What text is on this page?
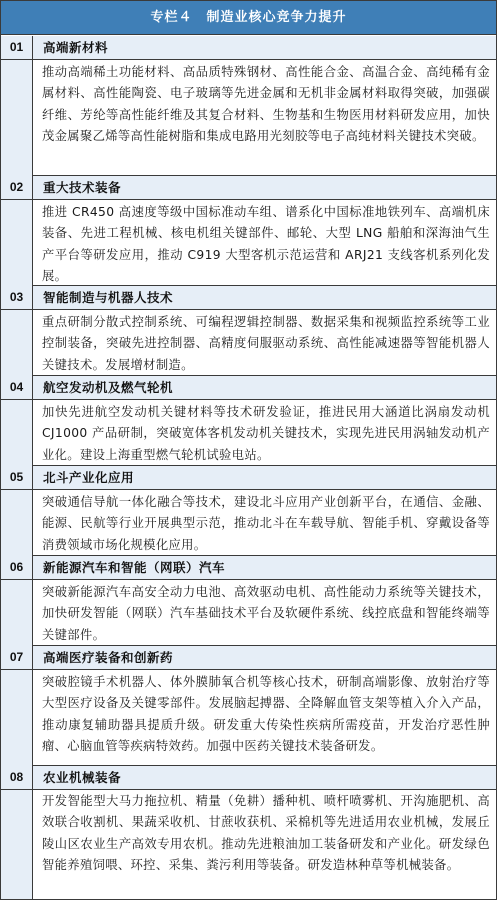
专栏４　制造业核心竞争力提升
01	高端新材料
推动高端稀土功能材料、高品质特殊钢材、高性能合金、高温合金、高纯稀有金属材料、高性能陶瓷、电子玻璃等先进金属和无机非金属材料取得突破，加强碳纤维、芳纶等高性能纤维及其复合材料、生物基和生物医用材料研发应用，加快茂金属聚乙烯等高性能树脂和集成电路用光刻胶等电子高纯材料关键技术突破。
02	重大技术装备
推进 CR450 高速度等级中国标准动车组、谱系化中国标准地铁列车、高端机床装备、先进工程机械、核电机组关键部件、邮轮、大型 LNG 船舶和深海油气生产平台等研发应用，推动 C919 大型客机示范运营和 ARJ21 支线客机系列化发展。
03	智能制造与机器人技术
重点研制分散式控制系统、可编程逻辑控制器、数据采集和视频监控系统等工业控制装备，突破先进控制器、高精度伺服驱动系统、高性能减速器等智能机器人关键技术。发展增材制造。
04	航空发动机及燃气轮机
加快先进航空发动机关键材料等技术研发验证，推进民用大涵道比涡扇发动机 CJ1000 产品研制，突破宽体客机发动机关键技术，实现先进民用涡轴发动机产业化。建设上海重型燃气轮机试验电站。
05	北斗产业化应用
突破通信导航一体化融合等技术，建设北斗应用产业创新平台，在通信、金融、能源、民航等行业开展典型示范，推动北斗在车载导航、智能手机、穿戴设备等消费领域市场化规模化应用。
06	新能源汽车和智能（网联）汽车
突破新能源汽车高安全动力电池、高效驱动电机、高性能动力系统等关键技术，加快研发智能（网联）汽车基础技术平台及软硬件系统、线控底盘和智能终端等关键部件。
07	高端医疗装备和创新药
突破腔镜手术机器人、体外膜肺氧合机等核心技术，研制高端影像、放射治疗等大型医疗设备及关键零部件。发展脑起搏器、全降解血管支架等植入介入产品，推动康复辅助器具提质升级。研发重大传染性疾病所需疫苗，开发治疗恶性肿瘤、心脑血管等疾病特效药。加强中医药关键技术装备研发。
08	农业机械装备
开发智能型大马力拖拉机、精量（免耕）播种机、喷杆喷雾机、开沟施肥机、高效联合收割机、果蔬采收机、甘蔗收获机、采棉机等先进适用农业机械，发展丘陵山区农业生产高效专用农机。推动先进粮油加工装备研发和产业化。研发绿色智能养殖饲喂、环控、采集、粪污利用等装备。研发造林种草等机械装备。
